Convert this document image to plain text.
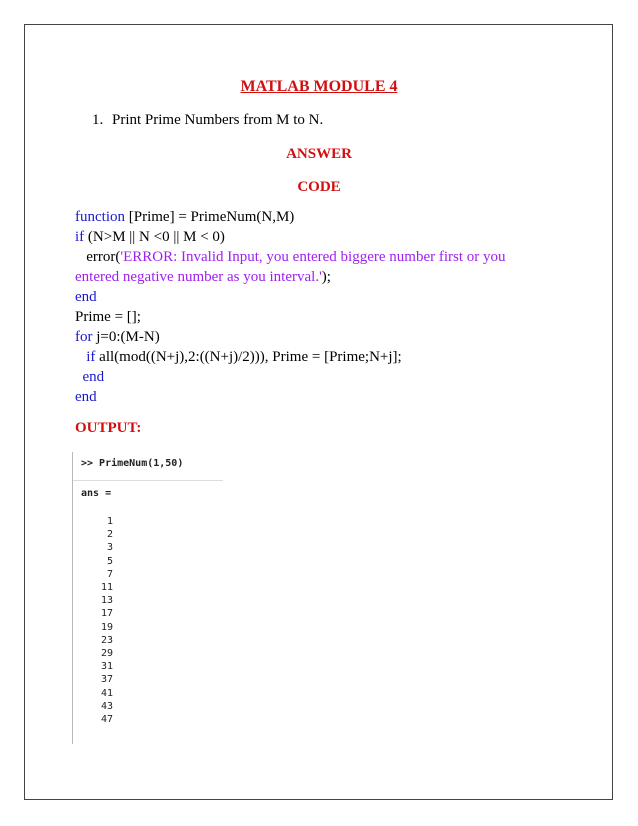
MATLAB MODULE 4
1. Print Prime Numbers from M to N.
ANSWER
CODE
function [Prime] = PrimeNum(N,M)
if (N>M || N <0 || M < 0)
error('ERROR: Invalid Input, you entered biggere number first or you
entered negative number as you interval.');
end
Prime = [];
for j=0:(M-N)
if all(mod((N+j),2:((N+j)/2))), Prime = [Prime;N+j];
end
end
OUTPUT:
>> PrimeNum(1,50)
ans =
1
2
3
5
7
11
13
17
19
23
29
31
37
41
43
47
